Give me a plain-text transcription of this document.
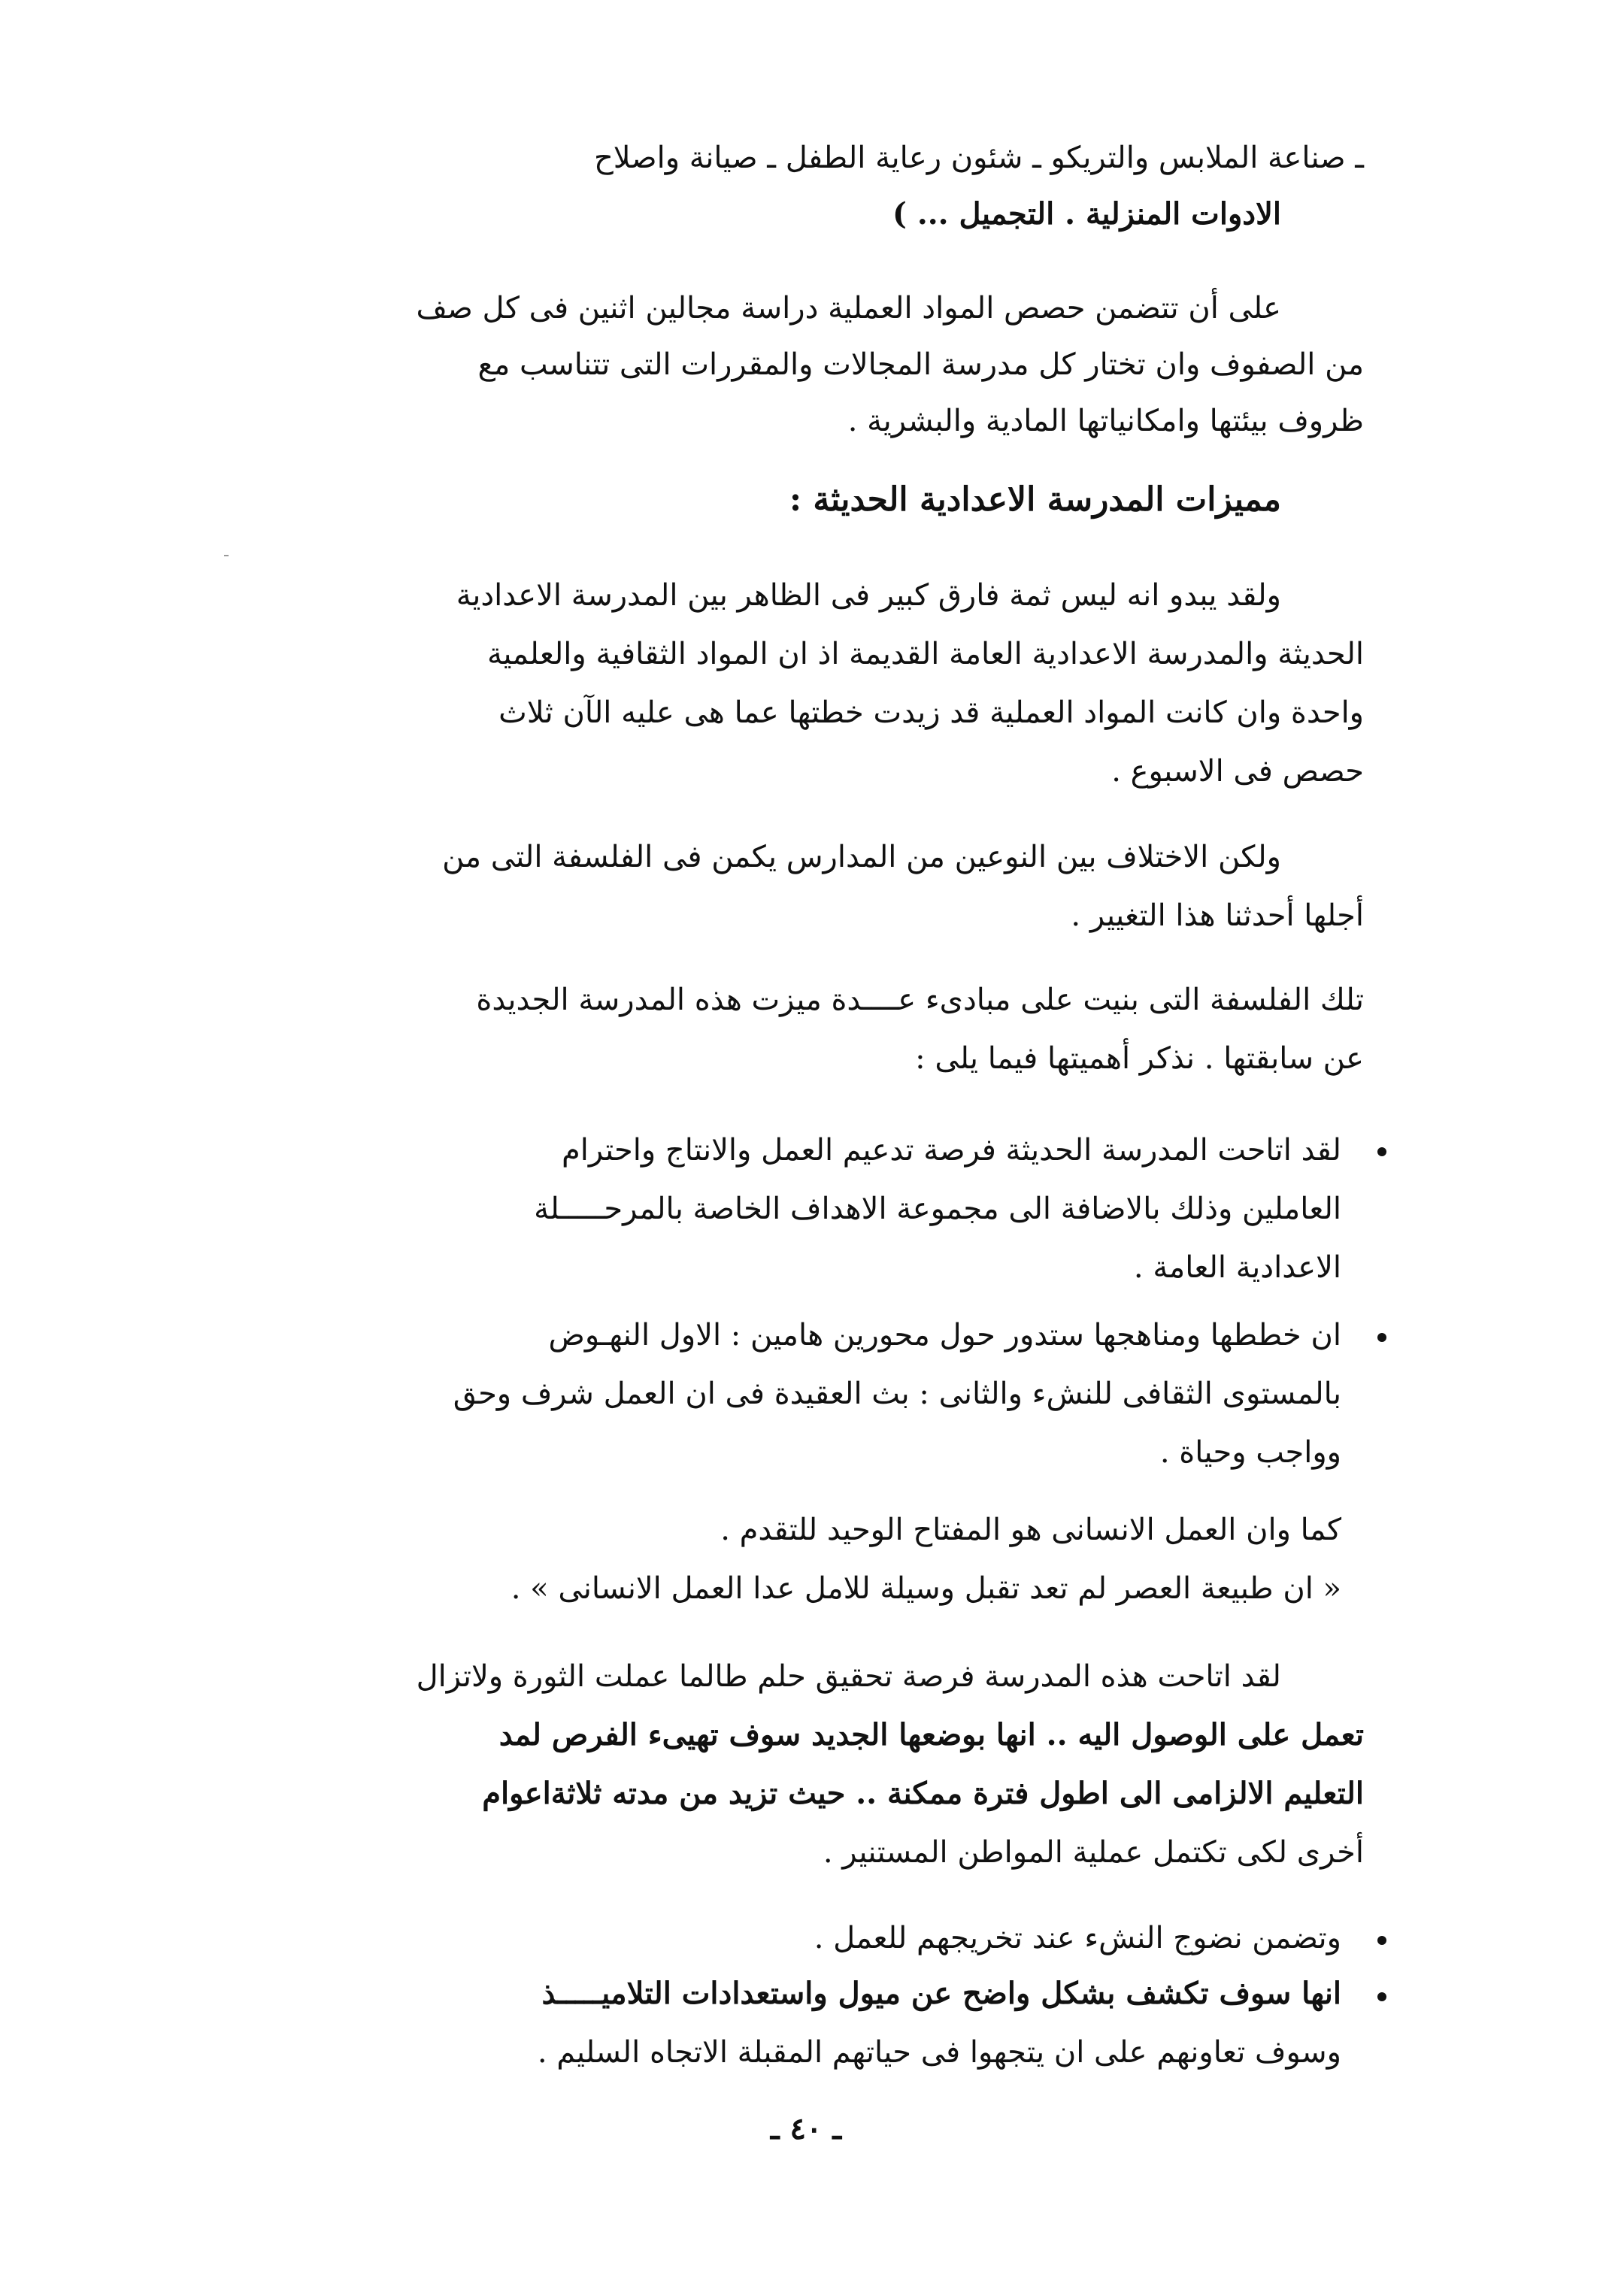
ـ صناعة الملابس والتريكو ـ شئون رعاية الطفل ـ صيانة واصلاح
الادوات المنزلية . التجميل ... )
على أن تتضمن حصص المواد العملية دراسة مجالين اثنين فى كل صف
من الصفوف وان تختار كل مدرسة المجالات والمقررات التى تتناسب مع
ظروف بيئتها وامكانياتها المادية والبشرية .
مميزات المدرسة الاعدادية الحديثة :
ولقد يبدو انه ليس ثمة فارق كبير فى الظاهر بين المدرسة الاعدادية
الحديثة والمدرسة الاعدادية العامة القديمة اذ ان المواد الثقافية والعلمية
واحدة وان كانت المواد العملية قد زيدت خطتها عما هى عليه الآن ثلاث
حصص فى الاسبوع .
ولكن الاختلاف بين النوعين من المدارس يكمن فى الفلسفة التى من
أجلها أحدثنا هذا التغيير .
تلك الفلسفة التى بنيت على مبادىء عــــدة ميزت هذه المدرسة الجديدة
عن سابقتها . نذكر أهميتها فيما يلى :
لقد اتاحت المدرسة الحديثة فرصة تدعيم العمل والانتاج واحترام
العاملين وذلك بالاضافة الى مجموعة الاهداف الخاصة بالمرحـــــلة
الاعدادية العامة .
ان خططها ومناهجها ستدور حول محورين هامين : الاول النهـوض
بالمستوى الثقافى للنشء والثانى : بث العقيدة فى ان العمل شرف وحق
وواجب وحياة .
كما وان العمل الانسانى هو المفتاح الوحيد للتقدم .
« ان طبيعة العصر لم تعد تقبل وسيلة للامل عدا العمل الانسانى » .
لقد اتاحت هذه المدرسة فرصة تحقيق حلم طالما عملت الثورة ولاتزال
تعمل على الوصول اليه .. انها بوضعها الجديد سوف تهيىء الفرص لمد
التعليم الالزامى الى اطول فترة ممكنة .. حيث تزيد من مدته ثلاثةاعوام
أخرى لكى تكتمل عملية المواطن المستنير .
وتضمن نضوج النشء عند تخريجهم للعمل .
انها سوف تكشف بشكل واضح عن ميول واستعدادات التلاميـــــذ
وسوف تعاونهم على ان يتجهوا فى حياتهم المقبلة الاتجاه السليم .
ـ ٤٠ ـ
